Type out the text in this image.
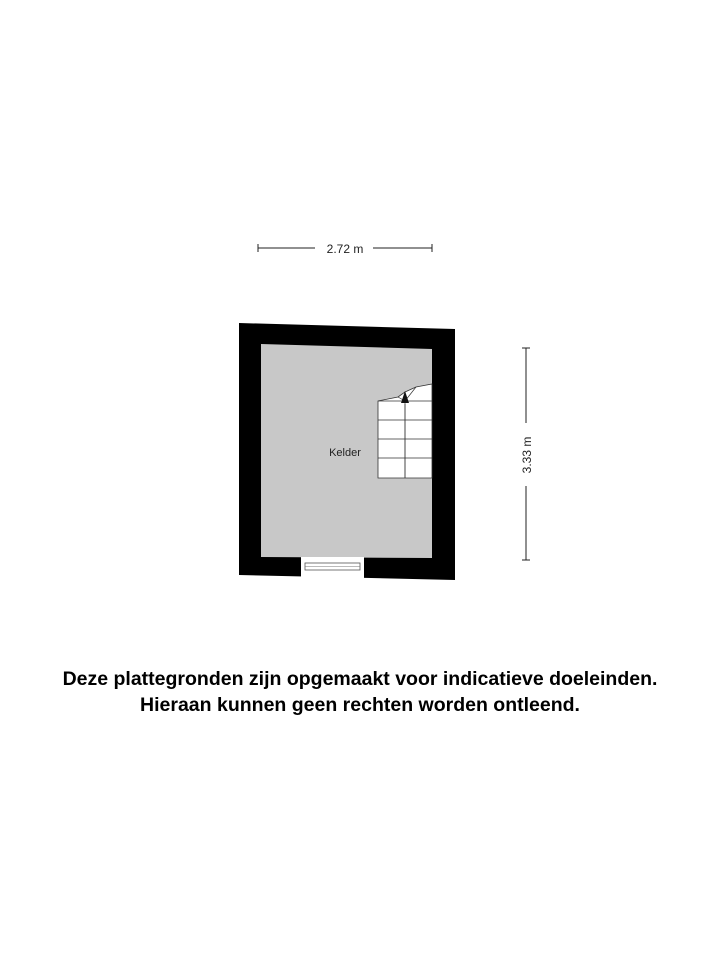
2.72 m
3.33 m
Kelder
Deze plattegronden zijn opgemaakt voor indicatieve doeleinden.
Hieraan kunnen geen rechten worden ontleend.
